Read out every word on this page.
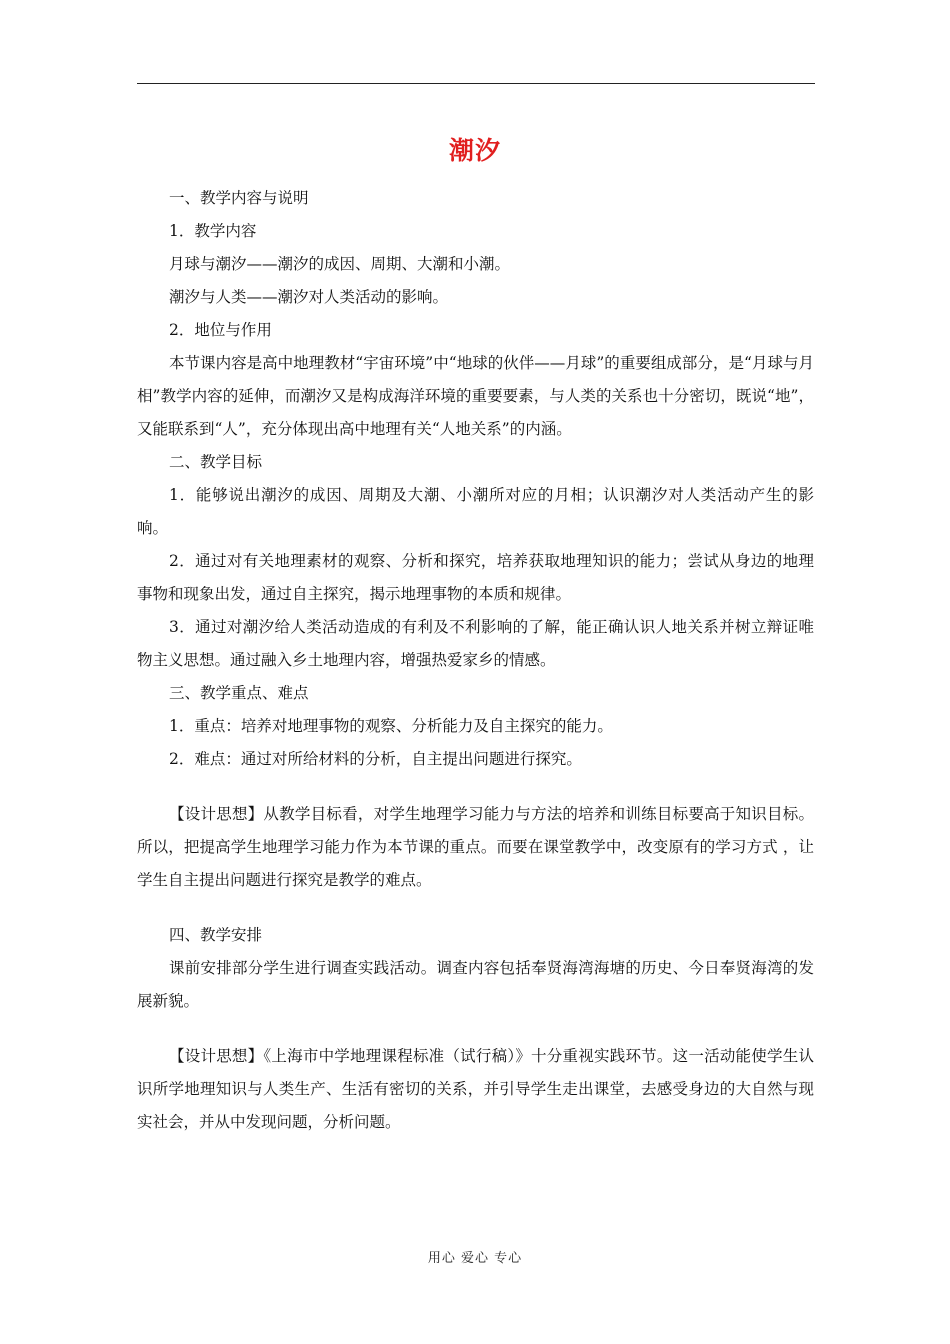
潮汐

一、教学内容与说明

1．教学内容

月球与潮汐——潮汐的成因、周期、大潮和小潮。

潮汐与人类——潮汐对人类活动的影响。

2．地位与作用

本节课内容是高中地理教材“宇宙环境”中“地球的伙伴——月球”的重要组成部分，是“月球与月相”教学内容的延伸，而潮汐又是构成海洋环境的重要要素，与人类的关系也十分密切，既说“地”，又能联系到“人”，充分体现出高中地理有关“人地关系”的内涵。

二、教学目标

1．能够说出潮汐的成因、周期及大潮、小潮所对应的月相；认识潮汐对人类活动产生的影响。

2．通过对有关地理素材的观察、分析和探究，培养获取地理知识的能力；尝试从身边的地理事物和现象出发，通过自主探究，揭示地理事物的本质和规律。

3．通过对潮汐给人类活动造成的有利及不利影响的了解，能正确认识人地关系并树立辩证唯物主义思想。通过融入乡土地理内容，增强热爱家乡的情感。

三、教学重点、难点

1．重点：培养对地理事物的观察、分析能力及自主探究的能力。

2．难点：通过对所给材料的分析，自主提出问题进行探究。

【设计思想】从教学目标看，对学生地理学习能力与方法的培养和训练目标要高于知识目标。所以，把提高学生地理学习能力作为本节课的重点。而要在课堂教学中，改变原有的学习方式 ，让学生自主提出问题进行探究是教学的难点。

四、教学安排

课前安排部分学生进行调查实践活动。调查内容包括奉贤海湾海塘的历史、今日奉贤海湾的发展新貌。

【设计思想】《上海市中学地理课程标准（试行稿）》十分重视实践环节。这一活动能使学生认识所学地理知识与人类生产、生活有密切的关系，并引导学生走出课堂，去感受身边的大自然与现实社会，并从中发现问题，分析问题。

用心 爱心 专心
